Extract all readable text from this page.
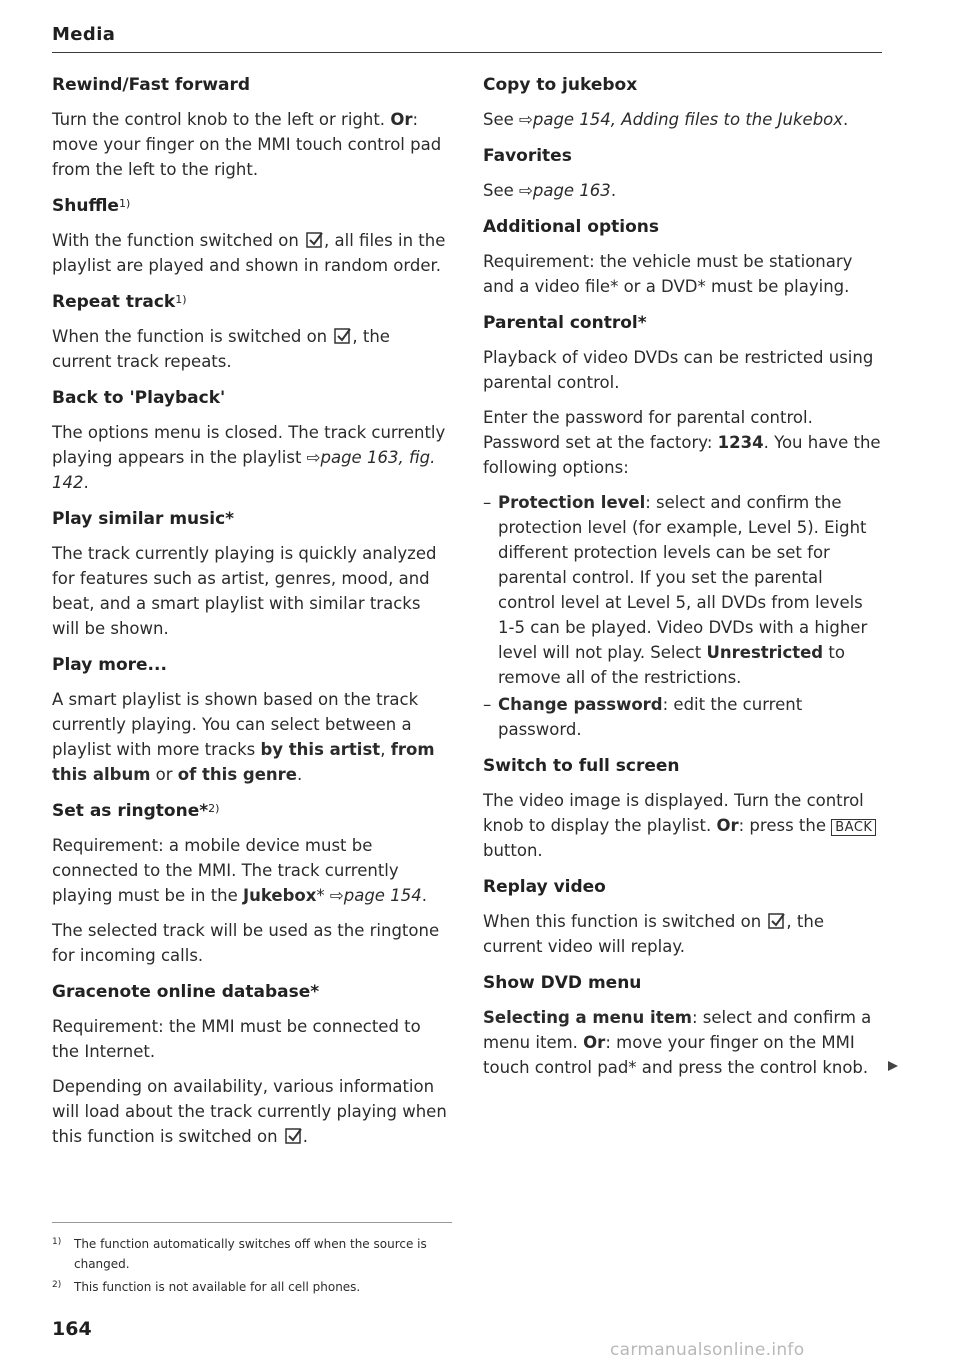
Media
Rewind/Fast forward

Turn the control knob to the left or right. Or: move your finger on the MMI touch control pad from the left to the right.

Shuffle$^{1)}$

With the function switched on , all files in the playlist are played and shown in random order.

Repeat track$^{1)}$

When the function is switched on , the current track repeats.

Back to 'Playback'

The options menu is closed. The track currently playing appears in the playlist ⇨page 163, fig. 142.

Play similar music*

The track currently playing is quickly analyzed for features such as artist, genres, mood, and beat, and a smart playlist with similar tracks will be shown.

Play more...

A smart playlist is shown based on the track currently playing. You can select between a playlist with more tracks by this artist, from this album or of this genre.

Set as ringtone*$^{2)}$

Requirement: a mobile device must be connected to the MMI. The track currently playing must be in the Jukebox* ⇨page 154.

The selected track will be used as the ringtone for incoming calls.

Gracenote online database*

Requirement: the MMI must be connected to the Internet.

Depending on availability, various information will load about the track currently playing when this function is switched on .

Copy to jukebox

See ⇨page 154, Adding files to the Jukebox.

Favorites

See ⇨page 163.

Additional options

Requirement: the vehicle must be stationary and a video file* or a DVD* must be playing.

Parental control*

Playback of video DVDs can be restricted using parental control.

Enter the password for parental control. Password set at the factory: 1234. You have the following options:

– Protection level: select and confirm the protection level (for example, Level 5). Eight different protection levels can be set for parental control. If you set the parental control level at Level 5, all DVDs from levels 1-5 can be played. Video DVDs with a higher level will not play. Select Unrestricted to remove all of the restrictions.
– Change password: edit the current password.
Switch to full screen

The video image is displayed. Turn the control knob to display the playlist. Or: press the BACK button.

Replay video

When this function is switched on , the current video will replay.

Show DVD menu

Selecting a menu item: select and confirm a menu item. Or: move your finger on the MMI touch control pad* and press the control knob.

1) The function automatically switches off when the source is changed.
2) This function is not available for all cell phones.
164
carmanualsonline.info
